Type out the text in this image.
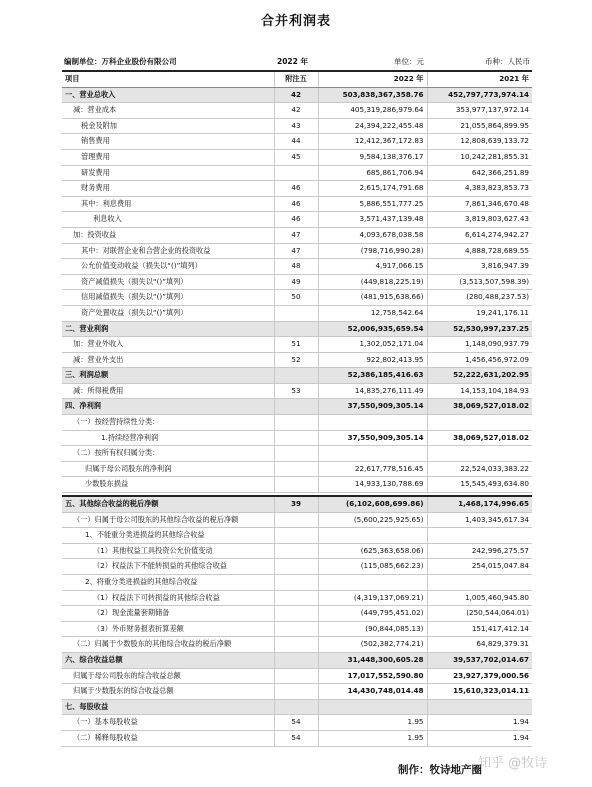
合并利润表
编制单位：万科企业股份有限公司	2022 年	单位：元	币种：人民币
项目	附注五	2022 年	2021 年
一、营业总收入	42	503,838,367,358.76	452,797,773,974.14
减：营业成本	42	405,319,286,979.64	353,977,137,972.14
税金及附加	43	24,394,222,455.48	21,055,864,899.95
销售费用	44	12,412,367,172.83	12,808,639,133.72
管理费用	45	9,584,138,376.17	10,242,281,855.31
研发费用		685,861,706.94	642,366,251.89
财务费用	46	2,615,174,791.68	4,383,823,853.73
其中：利息费用	46	5,886,551,777.25	7,861,346,670.48
利息收入	46	3,571,437,139.48	3,819,803,627.43
加：投资收益	47	4,093,678,038.58	6,614,274,942.27
其中：对联营企业和合营企业的投资收益	47	(798,716,990.28)	4,888,728,689.55
公允价值变动收益（损失以“()”填列）	48	4,917,066.15	3,816,947.39
资产减值损失（损失以“()”填列）	49	(449,818,225.19)	(3,513,507,598.39)
信用减值损失（损失以“()”填列）	50	(481,915,638.66)	(280,488,237.53)
资产处置收益（损失以“()”填列）		12,758,542.64	19,241,176.11
二、营业利润		52,006,935,659.54	52,530,997,237.25
加：营业外收入	51	1,302,052,171.04	1,148,090,937.79
减：营业外支出	52	922,802,413.95	1,456,456,972.09
三、利润总额		52,386,185,416.63	52,222,631,202.95
减：所得税费用	53	14,835,276,111.49	14,153,104,184.93
四、净利润		37,550,909,305.14	38,069,527,018.02
（一）按经营持续性分类：			
1.持续经营净利润		37,550,909,305.14	38,069,527,018.02
（二）按所有权归属分类：			
归属于母公司股东的净利润		22,617,778,516.45	22,524,033,383.22
少数股东损益		14,933,130,788.69	15,545,493,634.80
五、其他综合收益的税后净额	39	(6,102,608,699.86)	1,468,174,996.65
（一）归属于母公司股东的其他综合收益的税后净额		(5,600,225,925.65)	1,403,345,617.34
1、不能重分类进损益的其他综合收益			
（1）其他权益工具投资公允价值变动		(625,363,658.06)	242,996,275.57
（2）权益法下不能转损益的其他综合收益		(115,085,662.23)	254,015,047.84
2、将重分类进损益的其他综合收益			
（1）权益法下可转损益的其他综合收益		(4,319,137,069.21)	1,005,460,945.80
（2）现金流量套期储备		(449,795,451.02)	(250,544,064.01)
（3）外币财务报表折算差额		(90,844,085.13)	151,417,412.14
（二）归属于少数股东的其他综合收益的税后净额		(502,382,774.21)	64,829,379.31
六、综合收益总额		31,448,300,605.28	39,537,702,014.67
归属于母公司股东的综合收益总额		17,017,552,590.80	23,927,379,000.56
归属于少数股东的综合收益总额		14,430,748,014.48	15,610,323,014.11
七、每股收益			
（一）基本每股收益	54	1.95	1.94
（二）稀释每股收益	54	1.95	1.94
制作：牧诗地产圈
知乎 @牧诗
